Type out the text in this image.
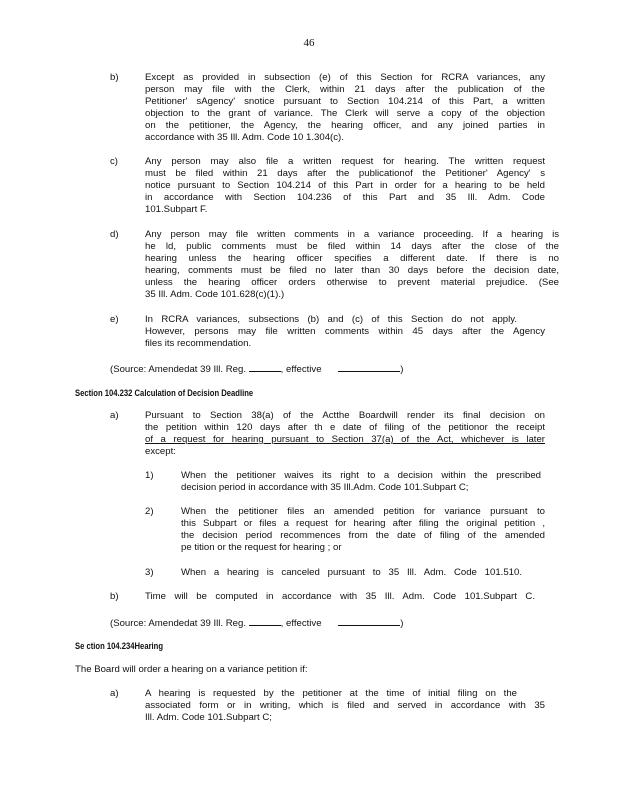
46
b)	Except as provided in subsection (e) of this Section for RCRA variances, any
person may file with the Clerk, within 21 days after the publication of the
Petitioner' sAgency' snotice pursuant to Section 104.214 of this Part, a written
objection to the grant of variance. The Clerk will serve a copy of the objection
on the petitioner, the Agency, the hearing officer, and any joined parties in
accordance with 35 Ill. Adm. Code 10 1.304(c).
c)	Any person may also file a written request for hearing. The written request
must be filed within 21 days after the publicationof the Petitioner' Agency' s
notice pursuant to Section 104.214 of this Part in order for a hearing to be held
in accordance with Section 104.236 of this Part and 35 Ill. Adm. Code
101.Subpart F.
d)	Any person may file written comments in a variance proceeding. If a hearing is
he ld, public comments must be filed within 14 days after the close of the
hearing unless the hearing officer specifies a different date. If there is no
hearing, comments must be filed no later than 30 days before the decision date,
unless the hearing officer orders otherwise to prevent material prejudice. (See
35 Ill. Adm. Code 101.628(c)(1).)
e)	In RCRA variances, subsections (b) and (c) of this Section do not apply.
However, persons may file written comments within 45 days after the Agency
files its recommendation.
(Source: Amendedat 39 Ill. Reg.	, effective	)
Section 104.232 Calculation of Decision Deadline
a)	Pursuant to Section 38(a) of the Actthe Boardwill render its final decision on
the petition within 120 days after th e date of filing of the petitionor the receipt
of a request for hearing pursuant to Section 37(a) of the Act, whichever is later
except:
1)	When the petitioner waives its right to a decision within the prescribed
decision period in accordance with 35 Ill.Adm. Code 101.Subpart C;
2)	When the petitioner files an amended petition for variance pursuant to
this Subpart or files a request for hearing after filing the original petition ,
the decision period recommences from the date of filing of the amended
pe tition or the request for hearing ; or
3)	When a hearing is canceled pursuant to 35 Ill. Adm. Code 101.510.
b)	Time will be computed in accordance with 35 Ill. Adm. Code 101.Subpart C.
(Source: Amendedat 39 Ill. Reg.	, effective	)
Se ction 104.234Hearing
The Board will order a hearing on a variance petition if:
a)	A hearing is requested by the petitioner at the time of initial filing on the
associated form or in writing, which is filed and served in accordance with 35
Ill. Adm. Code 101.Subpart C;
